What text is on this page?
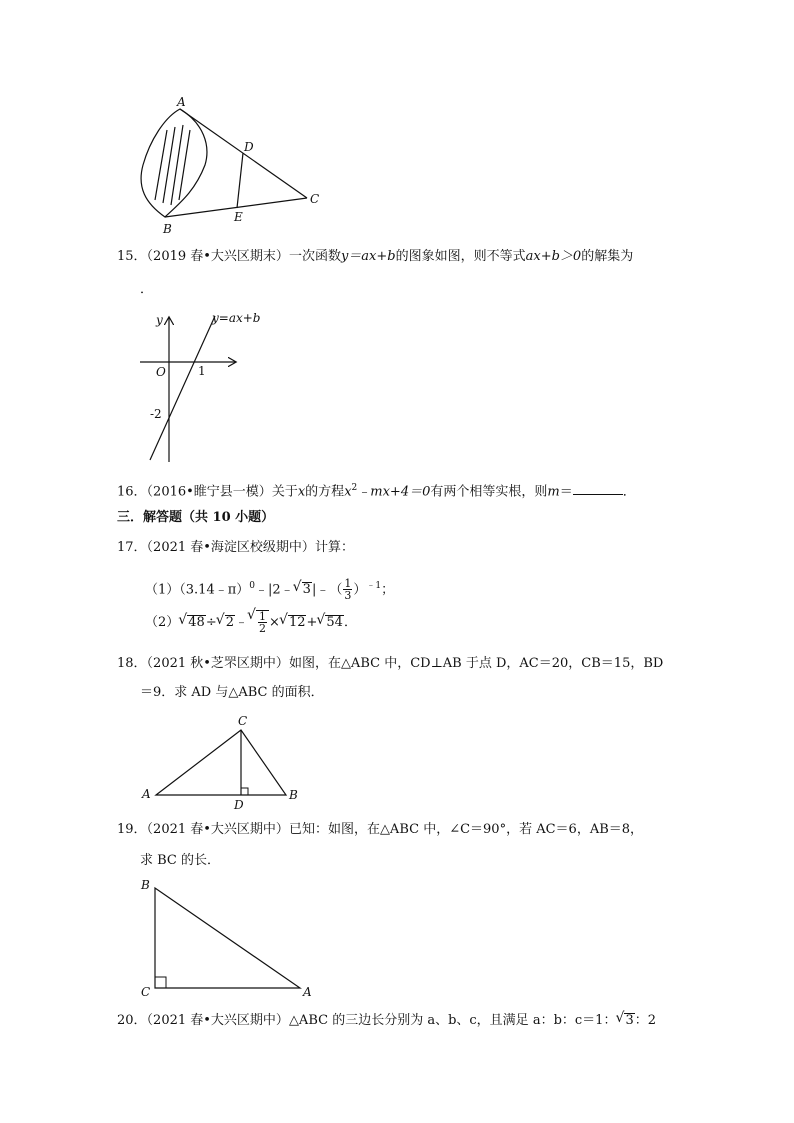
A
B
C
D
E
15．（2019 春•大兴区期末）一次函数y＝ax+b的图象如图，则不等式ax+b＞0的解集为
．
y	y=ax+b
O	1
-2
16．（2016•睢宁县一模）关于x的方程$x^2﹣mx+4=0$有两个相等实根，则m＝	．
三．解答题（共 10 小题）
17．（2021 春•海淀区校级期中）计算：
（1）（3.14﹣π）$^0$﹣|2﹣ √ 3|﹣（ $\frac{1}{3} )^{﹣1}$；
（2） √ 48÷ √ 2﹣ √ $\frac{1}{2}$ × √ 12+ √ 54．
18．（2021 秋•芝罘区期中）如图，在△ABC 中，CD⊥AB 于点 D，AC＝20，CB＝15，BD
＝9．求 AD 与△ABC 的面积．
A	B
C
D
19．（2021 春•大兴区期中）已知：如图，在△ABC 中，∠C＝90°，若 AC＝6，AB＝8，
求 BC 的长．
B
C	A
20．（2021 春•大兴区期中）△ABC 的三边长分别为 a、b、c，且满足 a：b：c＝1： √ 3：2
